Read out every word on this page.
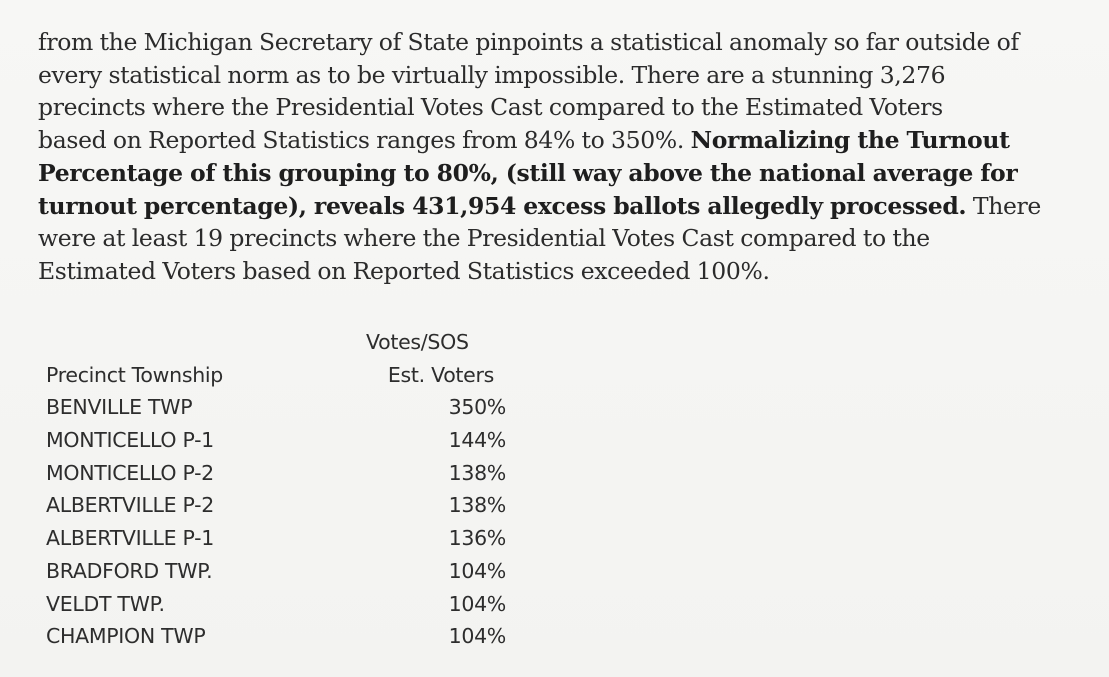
from the Michigan Secretary of State pinpoints a statistical anomaly so far outside of
every statistical norm as to be virtually impossible. There are a stunning 3,276
precincts where the Presidential Votes Cast compared to the Estimated Voters
based on Reported Statistics ranges from 84% to 350%. Normalizing the Turnout
Percentage of this grouping to 80%, (still way above the national average for
turnout percentage), reveals 431,954 excess ballots allegedly processed. There
were at least 19 precincts where the Presidential Votes Cast compared to the
Estimated Voters based on Reported Statistics exceeded 100%.

Votes/SOS
Precinct Township	Est. Voters
BENVILLE TWP	350%
MONTICELLO P-1	144%
MONTICELLO P-2	138%
ALBERTVILLE P-2	138%
ALBERTVILLE P-1	136%
BRADFORD TWP.	104%
VELDT TWP.	104%
CHAMPION TWP	104%
